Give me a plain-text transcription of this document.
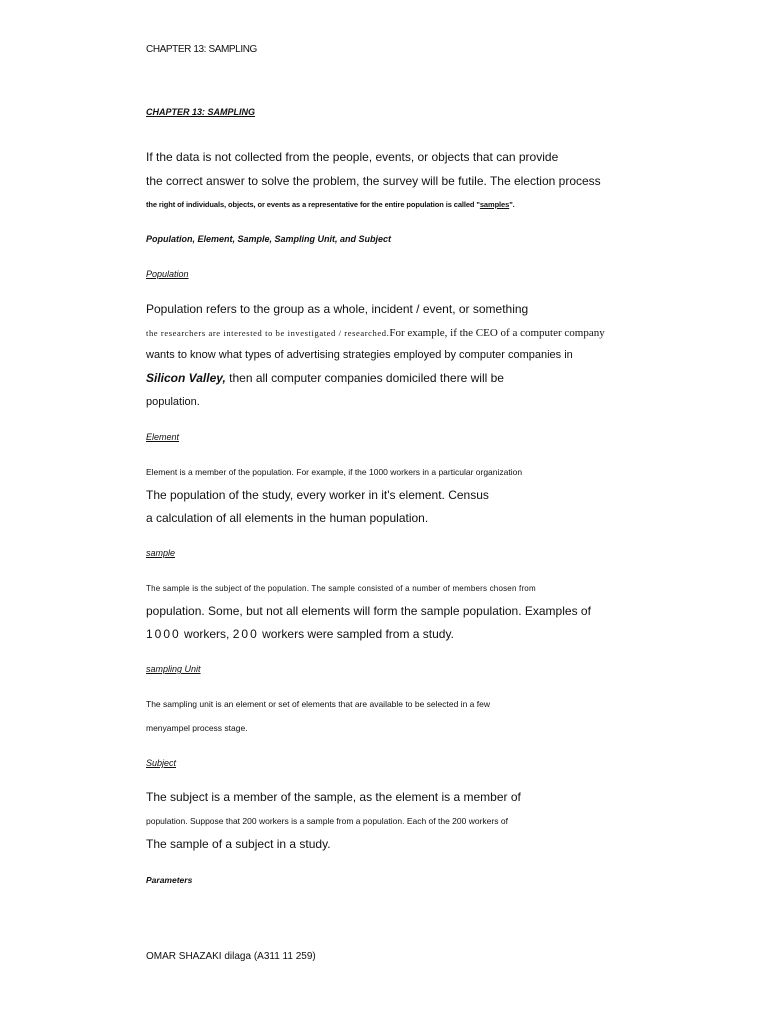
CHAPTER 13: SAMPLING
CHAPTER 13: SAMPLING
If the data is not collected from the people, events, or objects that can provide
the correct answer to solve the problem, the survey will be futile. The election process
the right of individuals, objects, or events as a representative for the entire population is called "samples".
Population, Element, Sample, Sampling Unit, and Subject
Population
Population refers to the group as a whole, incident / event, or something
the researchers are interested to be investigated / researched.For example, if the CEO of a computer company
wants to know what types of advertising strategies employed by computer companies in
Silicon Valley, then all computer companies domiciled there will be
population.
Element
Element is a member of the population. For example, if the 1000 workers in a particular organization
The population of the study, every worker in it's element. Census
a calculation of all elements in the human population.
sample
The sample is the subject of the population. The sample consisted of a number of members chosen from
population. Some, but not all elements will form the sample population. Examples of
1000 workers, 200 workers were sampled from a study.
sampling Unit
The sampling unit is an element or set of elements that are available to be selected in a few
menyampel process stage.
Subject
The subject is a member of the sample, as the element is a member of
population. Suppose that 200 workers is a sample from a population. Each of the 200 workers of
The sample of a subject in a study.
Parameters
OMAR SHAZAKI dilaga (A311 11 259)
